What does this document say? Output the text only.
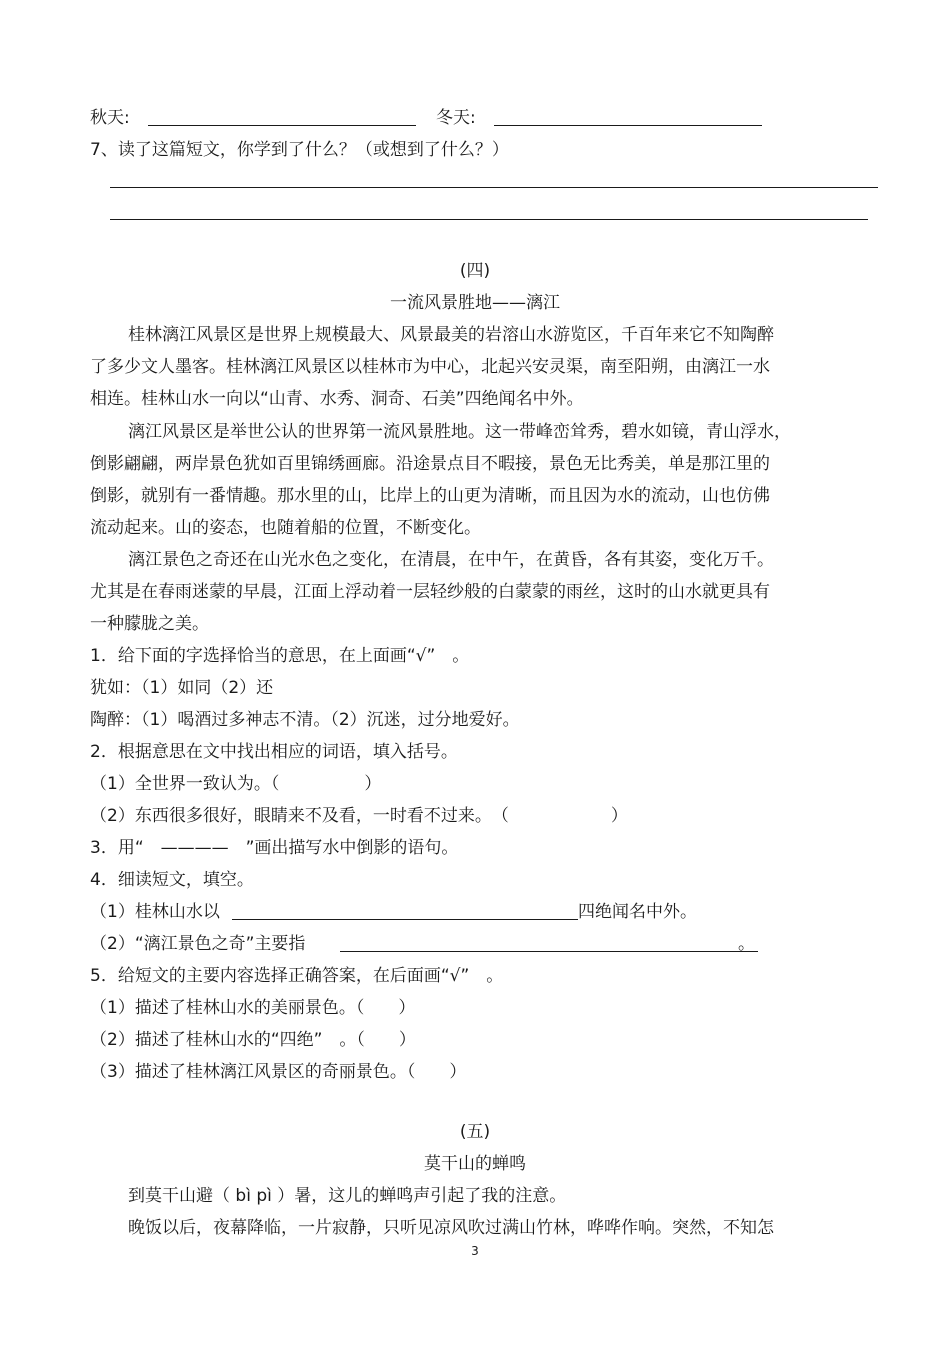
秋天:	冬天:
7、读了这篇短文，你学到了什么？（或想到了什么？）
(四)
一流风景胜地——漓江
桂林漓江风景区是世界上规模最大、风景最美的岩溶山水游览区，千百年来它不知陶醉
了多少文人墨客。桂林漓江风景区以桂林市为中心，北起兴安灵渠，南至阳朔，由漓江一水
相连。桂林山水一向以“山青、水秀、洞奇、石美”四绝闻名中外。
漓江风景区是举世公认的世界第一流风景胜地。这一带峰峦耸秀，碧水如镜，青山浮水，
倒影翩翩，两岸景色犹如百里锦绣画廊。沿途景点目不暇接，景色无比秀美，单是那江里的
倒影，就别有一番情趣。那水里的山，比岸上的山更为清晰，而且因为水的流动，山也仿佛
流动起来。山的姿态，也随着船的位置，不断变化。
漓江景色之奇还在山光水色之变化，在清晨，在中午，在黄昏，各有其姿，变化万千。
尤其是在春雨迷蒙的早晨，江面上浮动着一层轻纱般的白蒙蒙的雨丝，这时的山水就更具有
一种朦胧之美。
1．给下面的字选择恰当的意思，在上面画“√”　。
犹如：（1）如同（2）还
陶醉：（1）喝酒过多神志不清。（2）沉迷，过分地爱好。
2．根据意思在文中找出相应的词语，填入括号。
（1）全世界一致认为。（　　　　　）
（2）东西很多很好，眼睛来不及看，一时看不过来。　（　　　　　　）
3．用“　————　”画出描写水中倒影的语句。
4．细读短文，填空。
（1）桂林山水以	四绝闻名中外。
（2）“漓江景色之奇”主要指	。
5．给短文的主要内容选择正确答案，在后面画“√”　。
（1）描述了桂林山水的美丽景色。（　　）
（2）描述了桂林山水的“四绝”　。（　　）
（3）描述了桂林漓江风景区的奇丽景色。（　　）
(五)
莫干山的蝉鸣
到莫干山避（ bì pì ）暑，这儿的蝉鸣声引起了我的注意。
晚饭以后，夜幕降临，一片寂静，只听见凉风吹过满山竹林，哗哗作响。突然，不知怎
3
